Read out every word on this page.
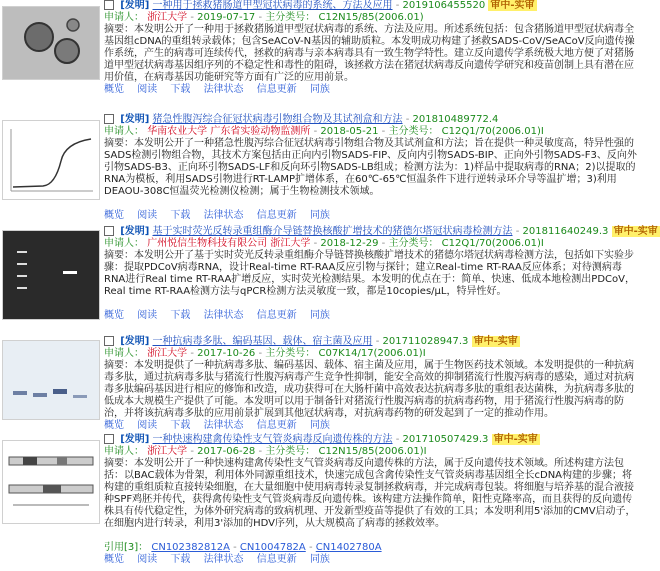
[发明] 一种用于拯救猪肠道甲型冠状病毒的系统、方法及应用 - 2019106455520 审中-实审
申请人： 浙江大学 - 2019-07-17 - 主分类号： C12N15/85(2006.01)
摘要：本发明公开了一种用于拯救猪肠道甲型冠状病毒的系统、方法及应用。所述系统包括：包含猪肠道甲型冠状病毒全基因组cDNA的重组转录载体；包含SeACoV-N基因的辅助质粒。本发明成功构建了拯救SADS-CoV/SeACoV反向遗传操作系统，产生的病毒可连续传代，拯救的病毒与亲本病毒具有一致生物学特性。建立反向遗传学系统极大地方便了对猪肠道甲型冠状病毒基因组序列的不稳定性和毒性的阻碍，该拯救方法在猪冠状病毒反向遗传学研究和疫苗创制上具有潜在应用价值，在病毒基因功能研究等方面有广泛的应用前景。
概览 阅读 下载 法律状态 信息更新 同族
[发明] 猪急性腹泻综合征冠状病毒引物组合物及其试剂盒和方法 - 201810489772.4
申请人： 华南农业大学 广东省实验动物监测所 - 2018-05-21 - 主分类号： C12Q1/70(2006.01)I
摘要：本发明公开了一种猪急性腹泻综合征冠状病毒引物组合物及其试剂盒和方法；旨在提供一种灵敏度高，特异性强的SADS检测引物组合物，其技术方案包括由正向内引物SADS-FIP、反向内引物SADS-BIP、正向外引物SADS-F3、反向外引物SADS-B3、正向环引物SADS-LF和反向环引物SADS-LB组成；检测方法为：1)样品中提取病毒的RNA；2)以提取的RNA为模板，利用SADS引物进行RT-LAMP扩增体系，在60℃-65℃恒温条件下进行逆转录环介导等温扩增；3)利用DEAOU-308C恒温荧光检测仪检测；属于生物检测技术领域。
概览 阅读 下载 法律状态 信息更新 同族
[发明] 基于实时荧光反转录重组酶介导链替换核酸扩增技术的猪德尔塔冠状病毒检测方法 - 201811640249.3 审中-实审
申请人： 广州悦信生物科技有限公司 浙江大学 - 2018-12-29 - 主分类号： C12Q1/70(2006.01)I
摘要：本发明公开了基于实时荧光反转录重组酶介导链替换核酸扩增技术的猪德尔塔冠状病毒检测方法，包括如下实验步骤：提取PDCoV病毒RNA，设计Real-time RT-RAA反应引物与探针；建立Real-time RT-RAA反应体系；对待测病毒RNA进行Real time RT-RAA扩增反应，实时荧光检测结果。本发明的优点在于：简单、快速、低成本地检测出PDCoV，Real time RT-RAA检测方法与qPCR检测方法灵敏度一致，都是10copies/μL，特异性好。
概览 阅读 下载 法律状态 信息更新 同族
[发明] 一种抗病毒多肽、编码基因、载体、宿主菌及应用 - 201711028947.3 审中-实审
申请人： 浙江大学 - 2017-10-26 - 主分类号： C07K14/17(2006.01)I
摘要：本发明提供了一种抗病毒多肽、编码基因、载体、宿主菌及应用，属于生物医药技术领域。本发明提供的一种抗病毒多肽，通过抗病毒多肽与猪流行性腹泻病毒产生竞争性抑制，能安全高效的抑制猪流行性腹泻病毒的感染，通过对抗病毒多肽编码基因进行相应的修饰和改造，成功获得可在大肠杆菌中高效表达抗病毒多肽的重组表达菌株，为抗病毒多肽的低成本大规模生产提供了可能。本发明可以用于制备针对猪流行性腹泻病毒的抗病毒药物，用于猪流行性腹泻病毒的防治，并将该抗病毒多肽的应用前景扩展到其他冠状病毒，对抗病毒药物的研发起到了一定的推动作用。
概览 阅读 下载 法律状态 信息更新 同族
[发明] 一种快速构建禽传染性支气管炎病毒反向遗传株的方法 - 201710507429.3 审中-实审
申请人： 浙江大学 - 2017-06-28 - 主分类号： C12N15/85(2006.01)I
摘要：本发明公开了一种快速构建禽传染性支气管炎病毒反向遗传株的方法，属于反向遗传技术领域。所述构建方法包括：以BAC载体为骨架，利用体外同源重组技术，快速完成包含禽传染性支气管炎病毒基因组全长cDNA构建的步骤；将构建的重组质粒直接转染细胞，在大量细胞中使用病毒转录复制拯救病毒，并完成病毒包装。将细胞与培养基的混合液接种SPF鸡胚并传代，获得禽传染性支气管炎病毒反向遗传株。该构建方法操作简单，阳性克隆率高，而且获得的反向遗传株具有传代稳定性，为体外研究病毒的致病机理、开发新型疫苗等提供了有效的工具；本发明利用5'添加的CMV启动子，在细胞内进行转录，利用3'添加的HDV序列，从大规模高了病毒的拯救效率。
引用[3]： CN102382812A - CN1004782A - CN1402780A
概览 阅读 下载 法律状态 信息更新 同族
